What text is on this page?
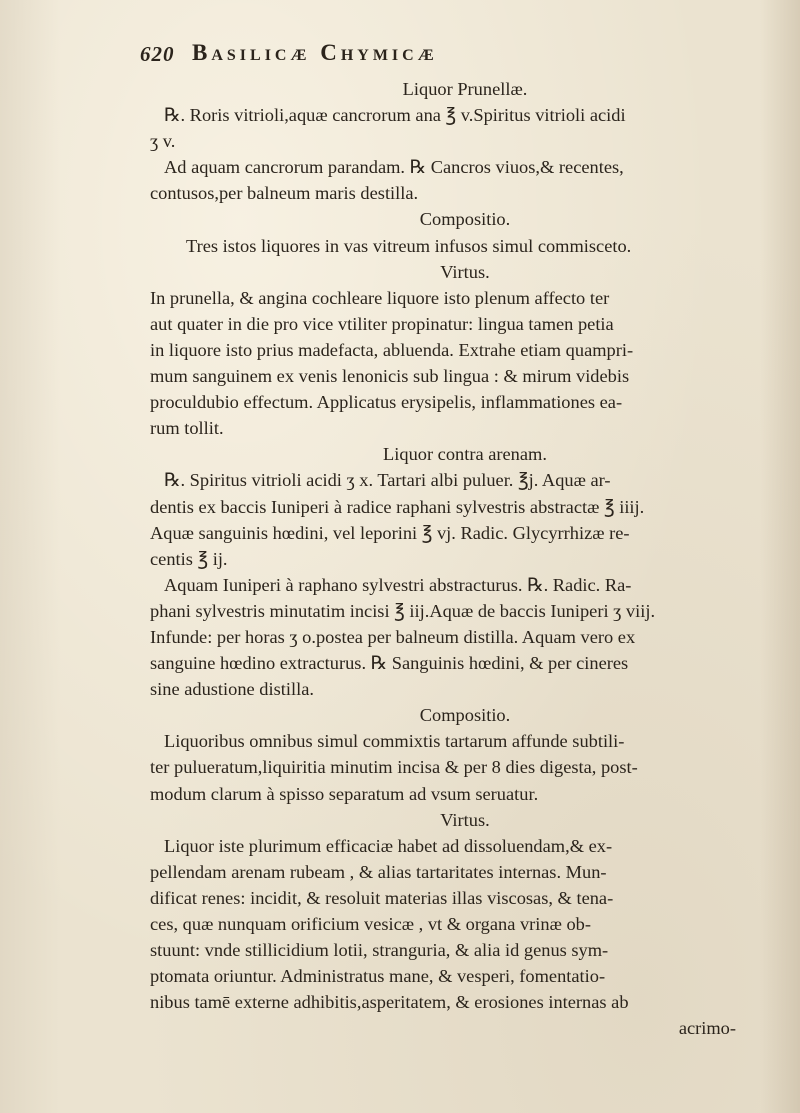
620 Basilicæ Chymicæ
Liquor Prunellæ.
℞. Roris vitrioli,aquæ cancrorum ana ℥ v.Spiritus vitrioli acidi
ʒ v.
Ad aquam cancrorum parandam. ℞ Cancros viuos,& recentes,
contusos,per balneum maris destilla.
Compositio.
Tres istos liquores in vas vitreum infusos simul commisceto.
Virtus.
In prunella, & angina cochleare liquore isto plenum affecto ter
aut quater in die pro vice vtiliter propinatur: lingua tamen petia
in liquore isto prius madefacta, abluenda. Extrahe etiam quampri-
mum sanguinem ex venis lenonicis sub lingua : & mirum videbis
proculdubio effectum. Applicatus erysipelis, inflammationes ea-
rum tollit.
Liquor contra arenam.
℞. Spiritus vitrioli acidi ʒ x. Tartari albi puluer. ℥j. Aquæ ar-
dentis ex baccis Iuniperi à radice raphani sylvestris abstractæ ℥ iiij.
Aquæ sanguinis hœdini, vel leporini ℥ vj. Radic. Glycyrrhizæ re-
centis ℥ ij.
Aquam Iuniperi à raphano sylvestri abstracturus. ℞. Radic. Ra-
phani sylvestris minutatim incisi ℥ iij.Aquæ de baccis Iuniperi ʒ viij.
Infunde: per horas ʒ o.postea per balneum distilla. Aquam vero ex
sanguine hœdino extracturus. ℞ Sanguinis hœdini, & per cineres
sine adustione distilla.
Compositio.
Liquoribus omnibus simul commixtis tartarum affunde subtili-
ter pulueratum,liquiritia minutim incisa & per 8 dies digesta, post-
modum clarum à spisso separatum ad vsum seruatur.
Virtus.
Liquor iste plurimum efficaciæ habet ad dissoluendam,& ex-
pellendam arenam rubeam , & alias tartaritates internas. Mun-
dificat renes: incidit, & resoluit materias illas viscosas, & tena-
ces, quæ nunquam orificium vesicæ , vt & organa vrinæ ob-
stuunt: vnde stillicidium lotii, stranguria, & alia id genus sym-
ptomata oriuntur. Administratus mane, & vesperi, fomentatio-
nibus tamē externe adhibitis,asperitatem, & erosiones internas ab
acrimo-
